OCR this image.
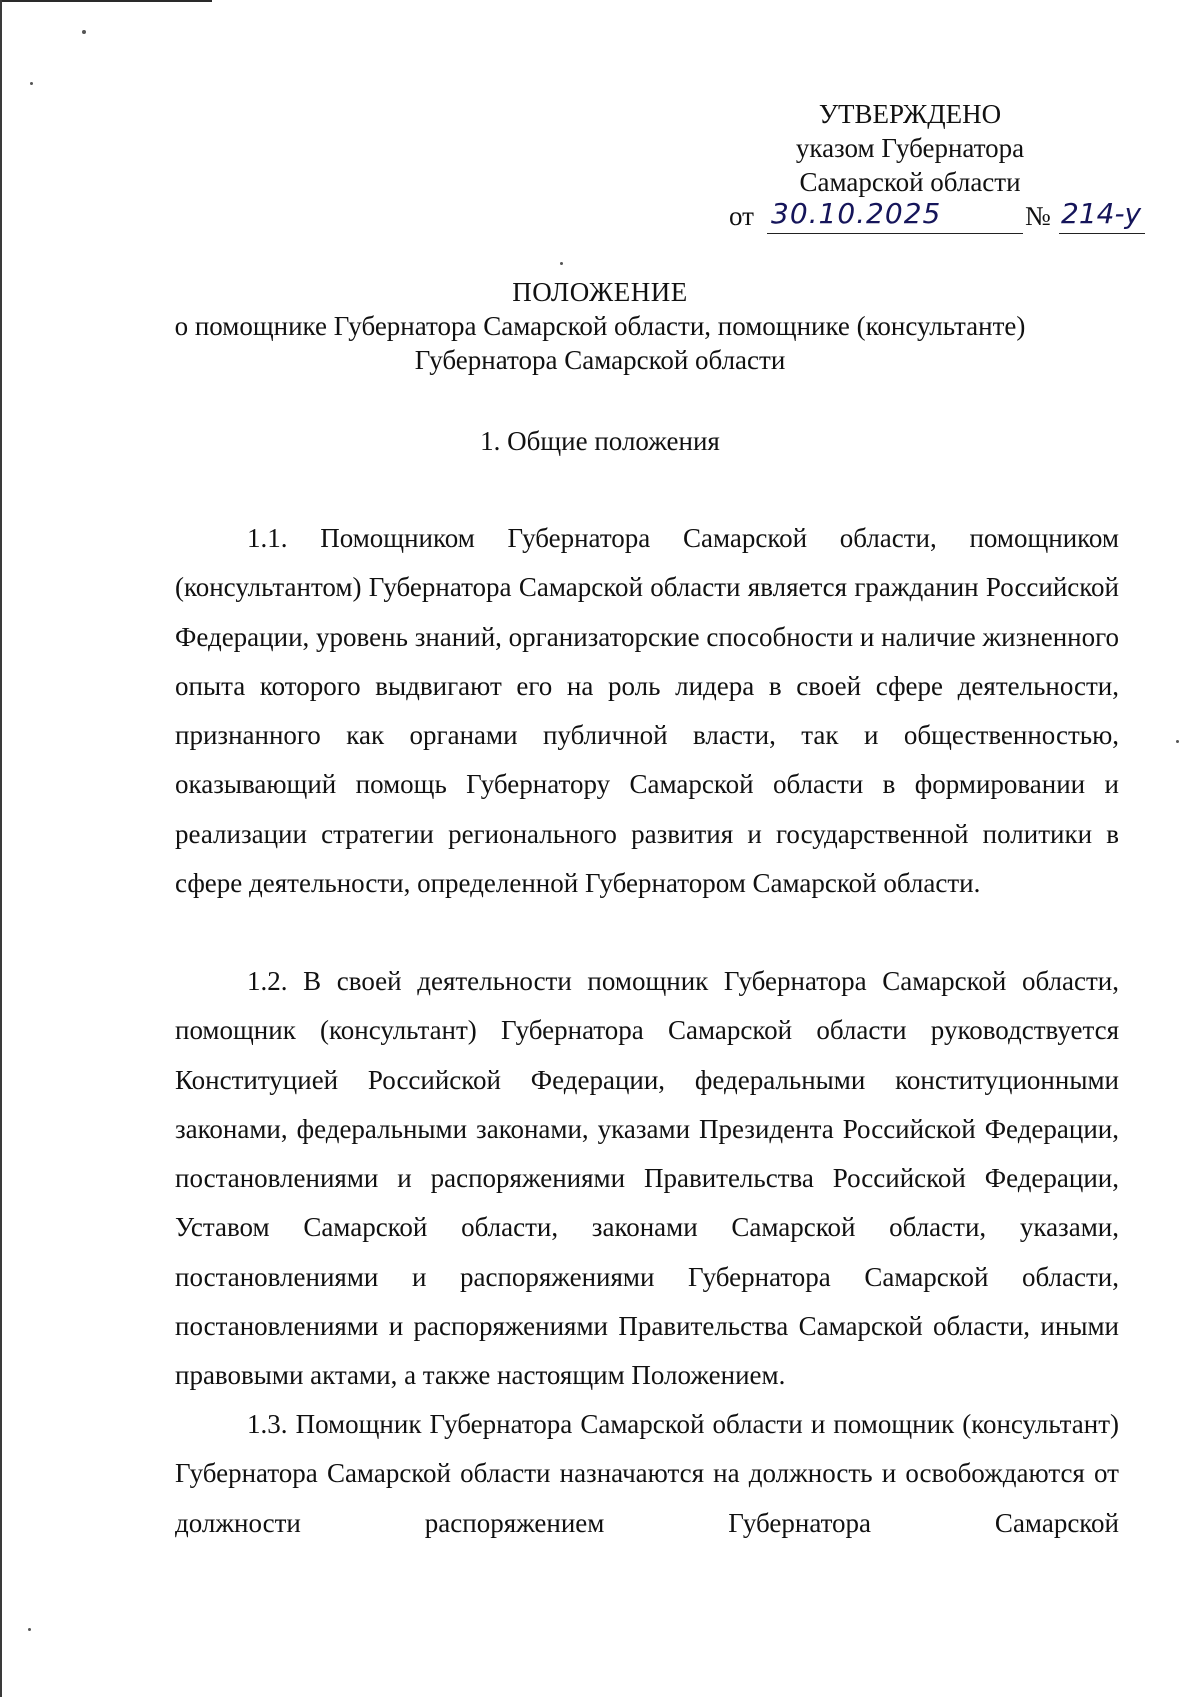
УТВЕРЖДЕНО
указом Губернатора
Самарской области
от 30.10.2025	№ 214-у
ПОЛОЖЕНИЕ
о помощнике Губернатора Самарской области, помощнике (консультанте)
Губернатора Самарской области
1. Общие положения

1.1. Помощником Губернатора Самарской области, помощником (консультантом) Губернатора Самарской области является гражданин Российской Федерации, уровень знаний, организаторские способности и наличие жизненного опыта которого выдвигают его на роль лидера в своей сфере деятельности, признанного как органами публичной власти, так и общественностью, оказывающий помощь Губернатору Самарской области в формировании и реализации стратегии регионального развития и государственной политики в сфере деятельности, определенной Губернатором Самарской области.

1.2. В своей деятельности помощник Губернатора Самарской области, помощник (консультант) Губернатора Самарской области руководствуется Конституцией Российской Федерации, федеральными конституционными законами, федеральными законами, указами Президента Российской Федерации, постановлениями и распоряжениями Правительства Российской Федерации, Уставом Самарской области, законами Самарской области, указами, постановлениями и распоряжениями Губернатора Самарской области, постановлениями и распоряжениями Правительства Самарской области, иными правовыми актами, а также настоящим Положением.

1.3. Помощник Губернатора Самарской области и помощник (консультант) Губернатора Самарской области назначаются на должность и освобождаются от должности распоряжением Губернатора Самарской
